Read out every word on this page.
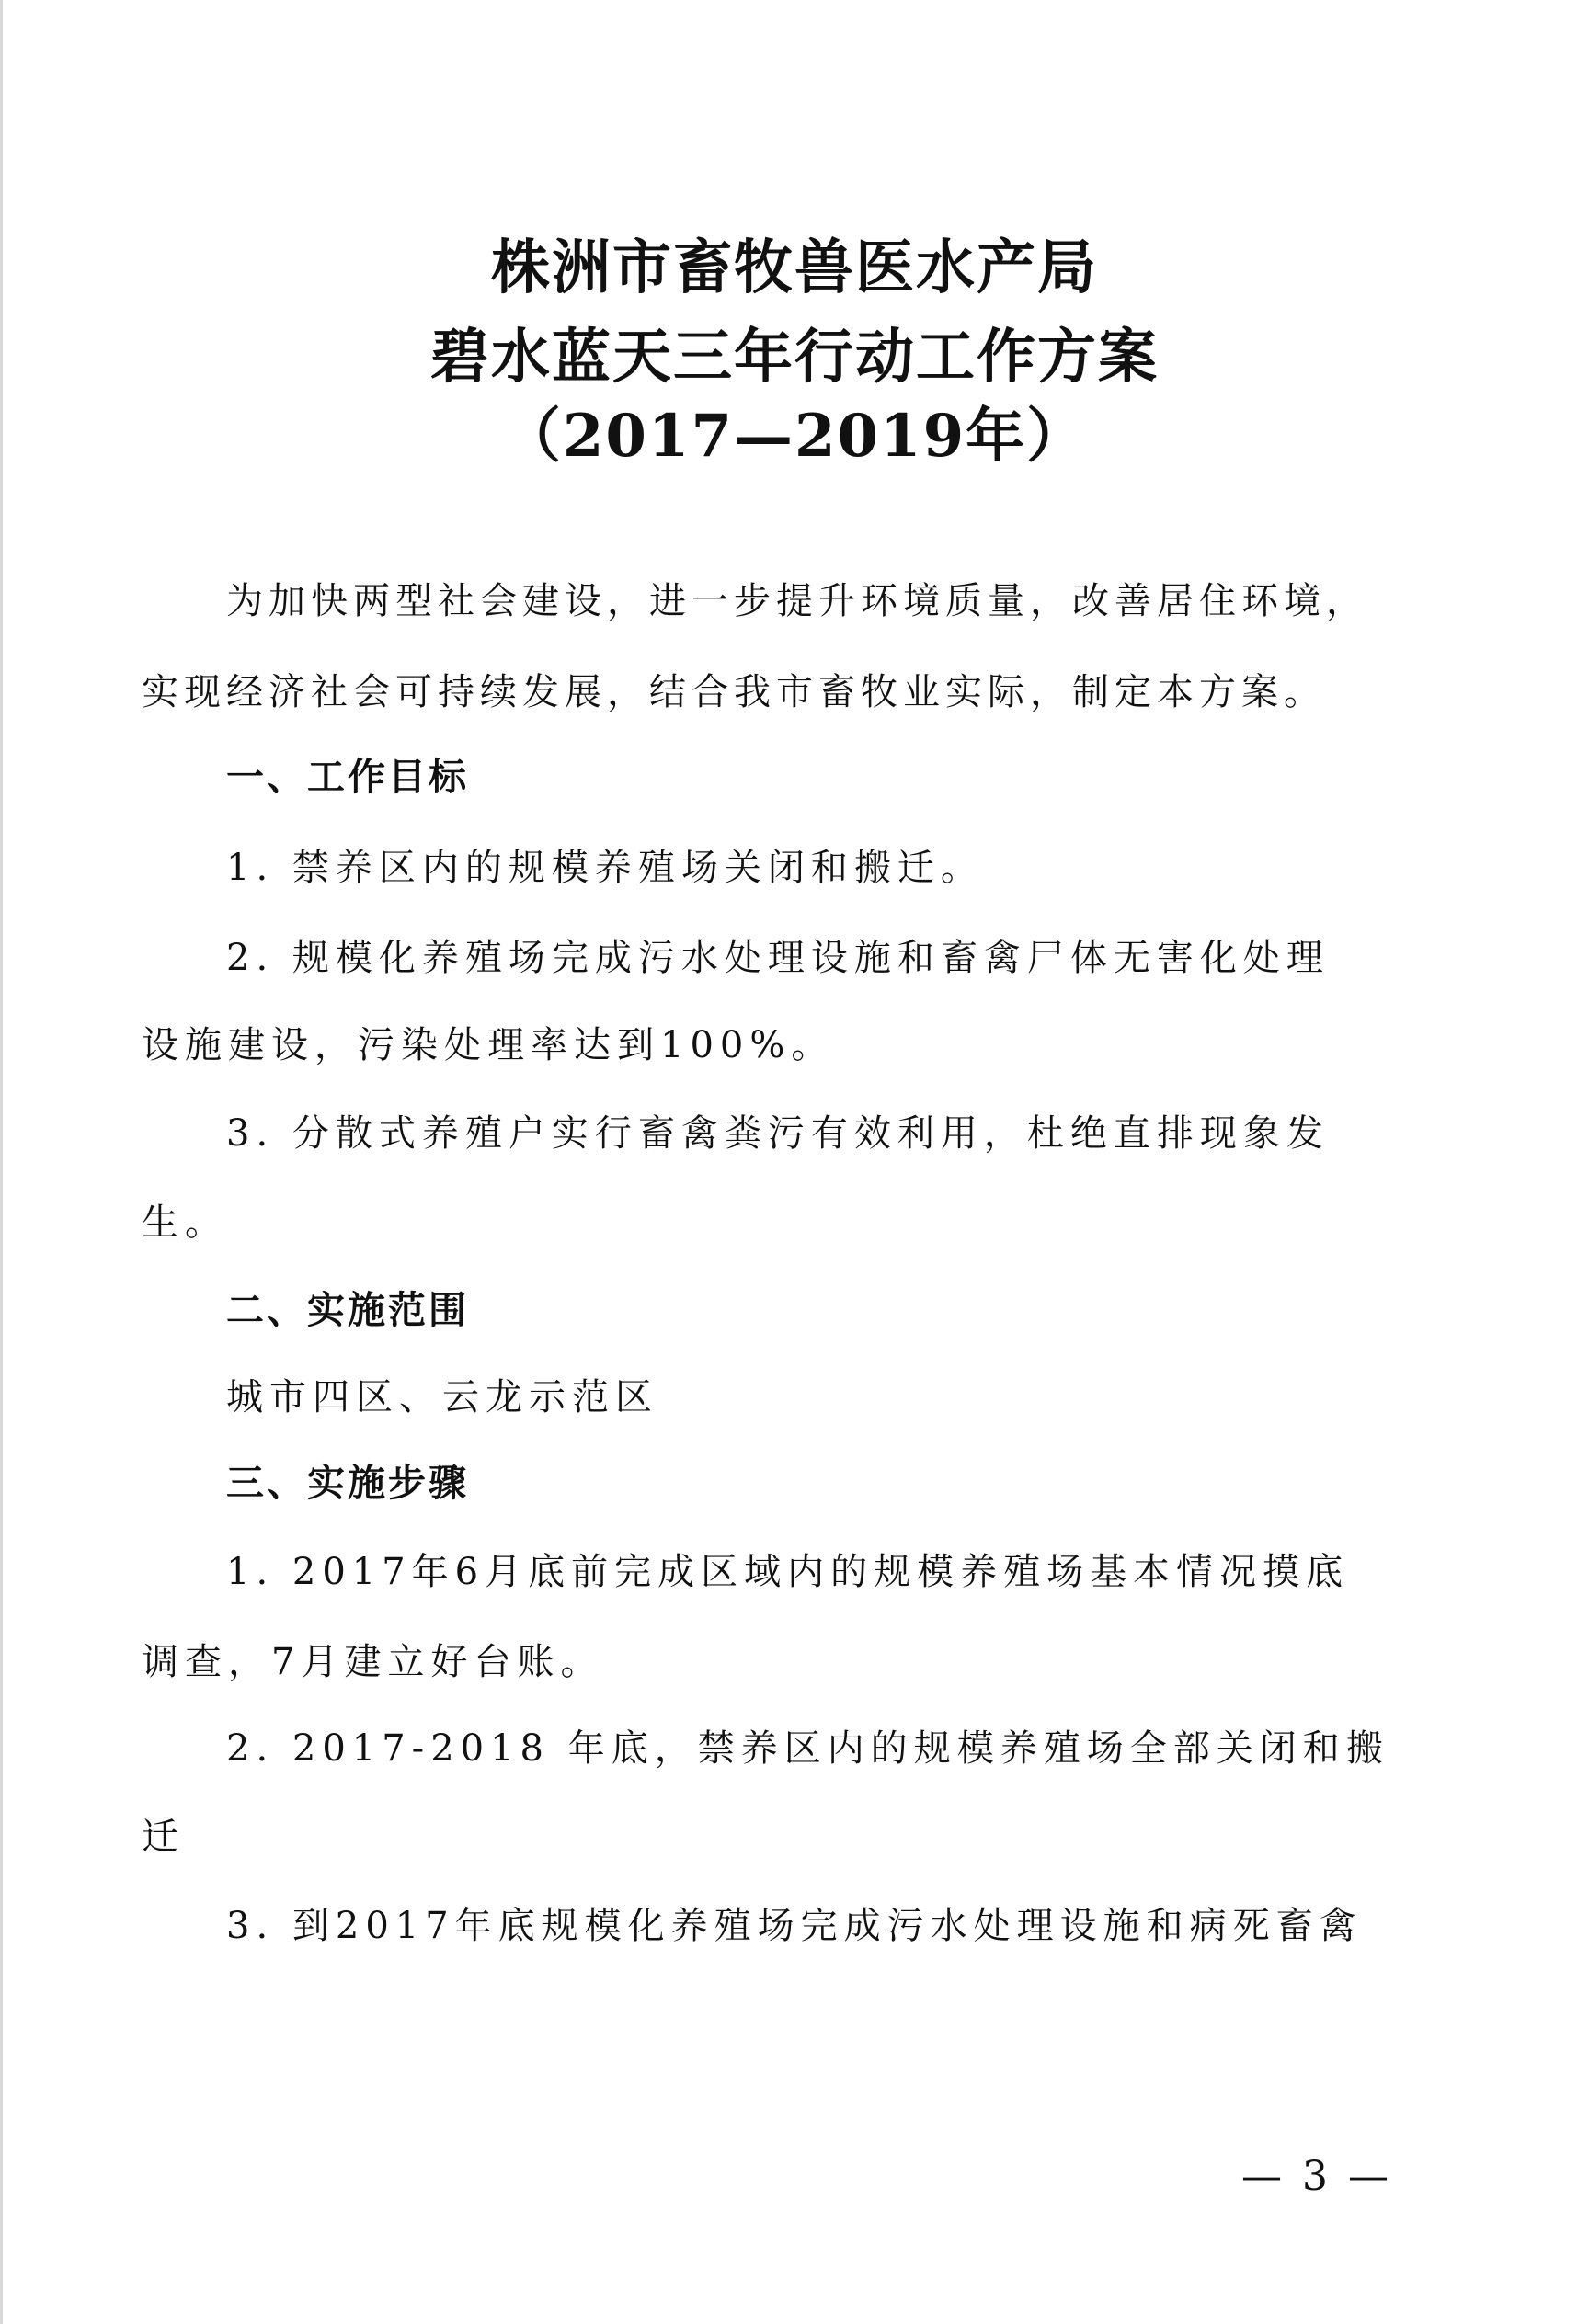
株洲市畜牧兽医水产局
碧水蓝天三年行动工作方案
（2017—2019年）
为加快两型社会建设，进一步提升环境质量，改善居住环境，
实现经济社会可持续发展，结合我市畜牧业实际，制定本方案。
一、工作目标
1. 禁养区内的规模养殖场关闭和搬迁。
2. 规模化养殖场完成污水处理设施和畜禽尸体无害化处理
设施建设，污染处理率达到100%。
3. 分散式养殖户实行畜禽粪污有效利用，杜绝直排现象发
生。
二、实施范围
城市四区、云龙示范区
三、实施步骤
1. 2017年6月底前完成区域内的规模养殖场基本情况摸底
调查，7月建立好台账。
2. 2017-2018 年底，禁养区内的规模养殖场全部关闭和搬
迁
3. 到2017年底规模化养殖场完成污水处理设施和病死畜禽
— 3 —
